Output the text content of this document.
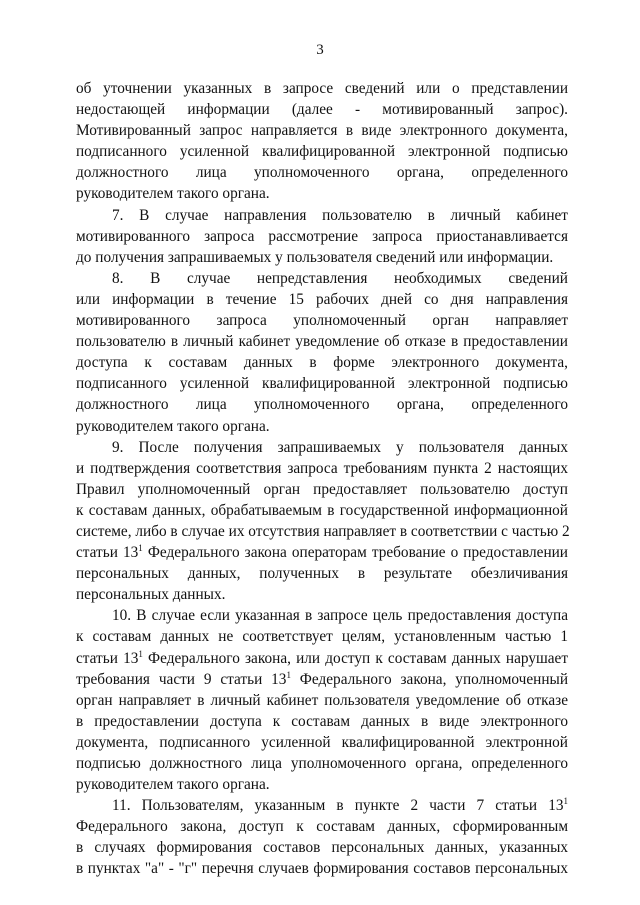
3
об уточнении указанных в запросе сведений или о представлении
недостающей информации (далее - мотивированный запрос).
Мотивированный запрос направляется в виде электронного документа,
подписанного усиленной квалифицированной электронной подписью
должностного лица уполномоченного органа, определенного
руководителем такого органа.
7. В случае направления пользователю в личный кабинет
мотивированного запроса рассмотрение запроса приостанавливается
до получения запрашиваемых у пользователя сведений или информации.
8. В случае непредставления необходимых сведений
или информации в течение 15 рабочих дней со дня направления
мотивированного запроса уполномоченный орган направляет
пользователю в личный кабинет уведомление об отказе в предоставлении
доступа к составам данных в форме электронного документа,
подписанного усиленной квалифицированной электронной подписью
должностного лица уполномоченного органа, определенного
руководителем такого органа.
9. После получения запрашиваемых у пользователя данных
и подтверждения соответствия запроса требованиям пункта 2 настоящих
Правил уполномоченный орган предоставляет пользователю доступ
к составам данных, обрабатываемым в государственной информационной
системе, либо в случае их отсутствия направляет в соответствии с частью 2
статьи $13^1$ Федерального закона операторам требование о предоставлении
персональных данных, полученных в результате обезличивания
персональных данных.
10. В случае если указанная в запросе цель предоставления доступа
к составам данных не соответствует целям, установленным частью 1
статьи $13^1$ Федерального закона, или доступ к составам данных нарушает
требования части 9 статьи $13^1$ Федерального закона, уполномоченный
орган направляет в личный кабинет пользователя уведомление об отказе
в предоставлении доступа к составам данных в виде электронного
документа, подписанного усиленной квалифицированной электронной
подписью должностного лица уполномоченного органа, определенного
руководителем такого органа.
11. Пользователям, указанным в пункте 2 части 7 статьи $13^1$
Федерального закона, доступ к составам данных, сформированным
в случаях формирования составов персональных данных, указанных
в пунктах "а" - "г" перечня случаев формирования составов персональных
